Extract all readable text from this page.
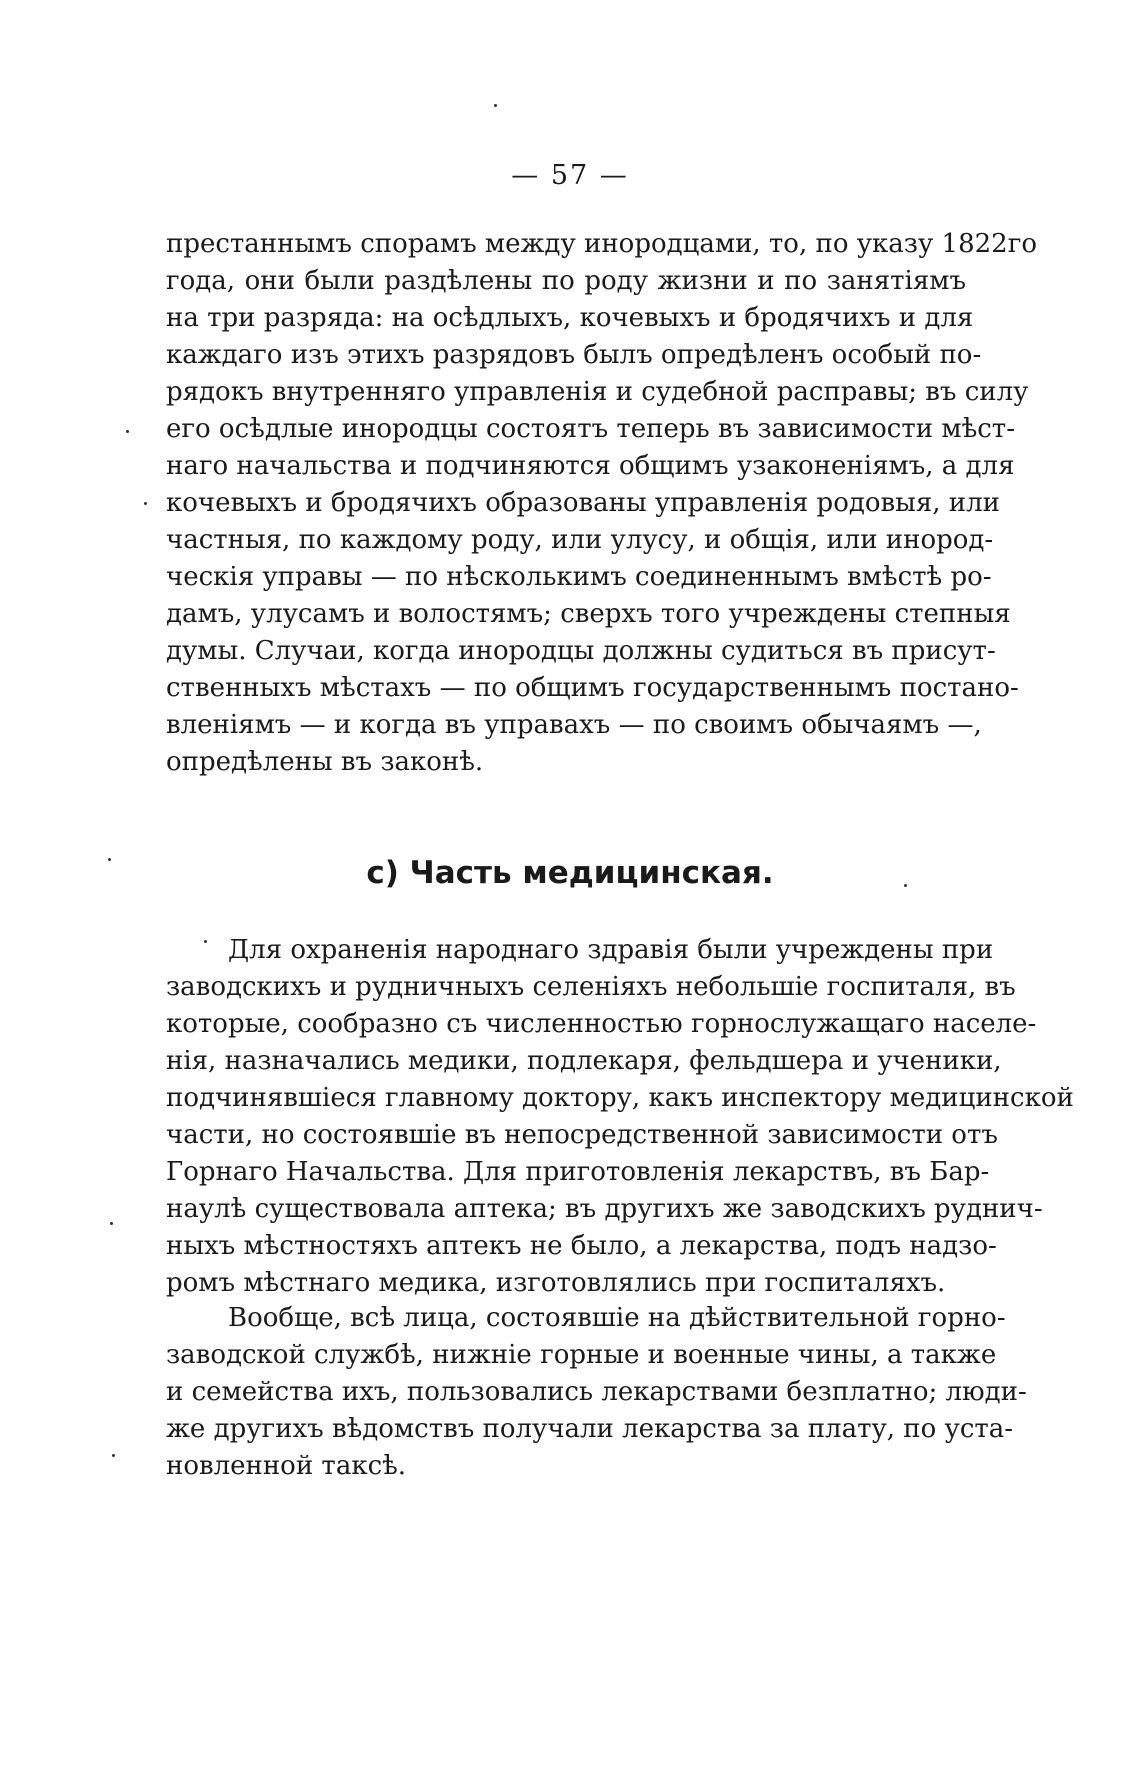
— 57 —
престаннымъ спорамъ между инородцами, то, по указу 1822го
года, они были раздѣлены по роду жизни и по занятіямъ
на три разряда: на осѣдлыхъ, кочевыхъ и бродячихъ и для
каждаго изъ этихъ разрядовъ былъ опредѣленъ особый по-
рядокъ внутренняго управленія и судебной расправы; въ силу
его осѣдлые инородцы состоятъ теперь въ зависимости мѣст-
наго начальства и подчиняются общимъ узаконеніямъ, а для
кочевыхъ и бродячихъ образованы управленія родовыя, или
частныя, по каждому роду, или улусу, и общія, или инород-
ческія управы — по нѣсколькимъ соединеннымъ вмѣстѣ ро-
дамъ, улусамъ и волостямъ; сверхъ того учреждены степныя
думы. Случаи, когда инородцы должны судиться въ присут-
ственныхъ мѣстахъ — по общимъ государственнымъ постано-
вленіямъ — и когда въ управахъ — по своимъ обычаямъ —,
опредѣлены въ законѣ.
с) Часть медицинская.
Для охраненія народнаго здравія были учреждены при
заводскихъ и рудничныхъ селеніяхъ небольшіе госпиталя, въ
которые, сообразно съ численностью горнослужащаго населе-
нія, назначались медики, подлекаря, фельдшера и ученики,
подчинявшіеся главному доктору, какъ инспектору медицинской
части, но состоявшіе въ непосредственной зависимости отъ
Горнаго Начальства. Для приготовленія лекарствъ, въ Бар-
наулѣ существовала аптека; въ другихъ же заводскихъ руднич-
ныхъ мѣстностяхъ аптекъ не было, а лекарства, подъ надзо-
ромъ мѣстнаго медика, изготовлялись при госпиталяхъ.
Вообще, всѣ лица, состоявшіе на дѣйствительной горно-
заводской службѣ, нижніе горные и военные чины, а также
и семейства ихъ, пользовались лекарствами безплатно; люди-
же другихъ вѣдомствъ получали лекарства за плату, по уста-
новленной таксѣ.
